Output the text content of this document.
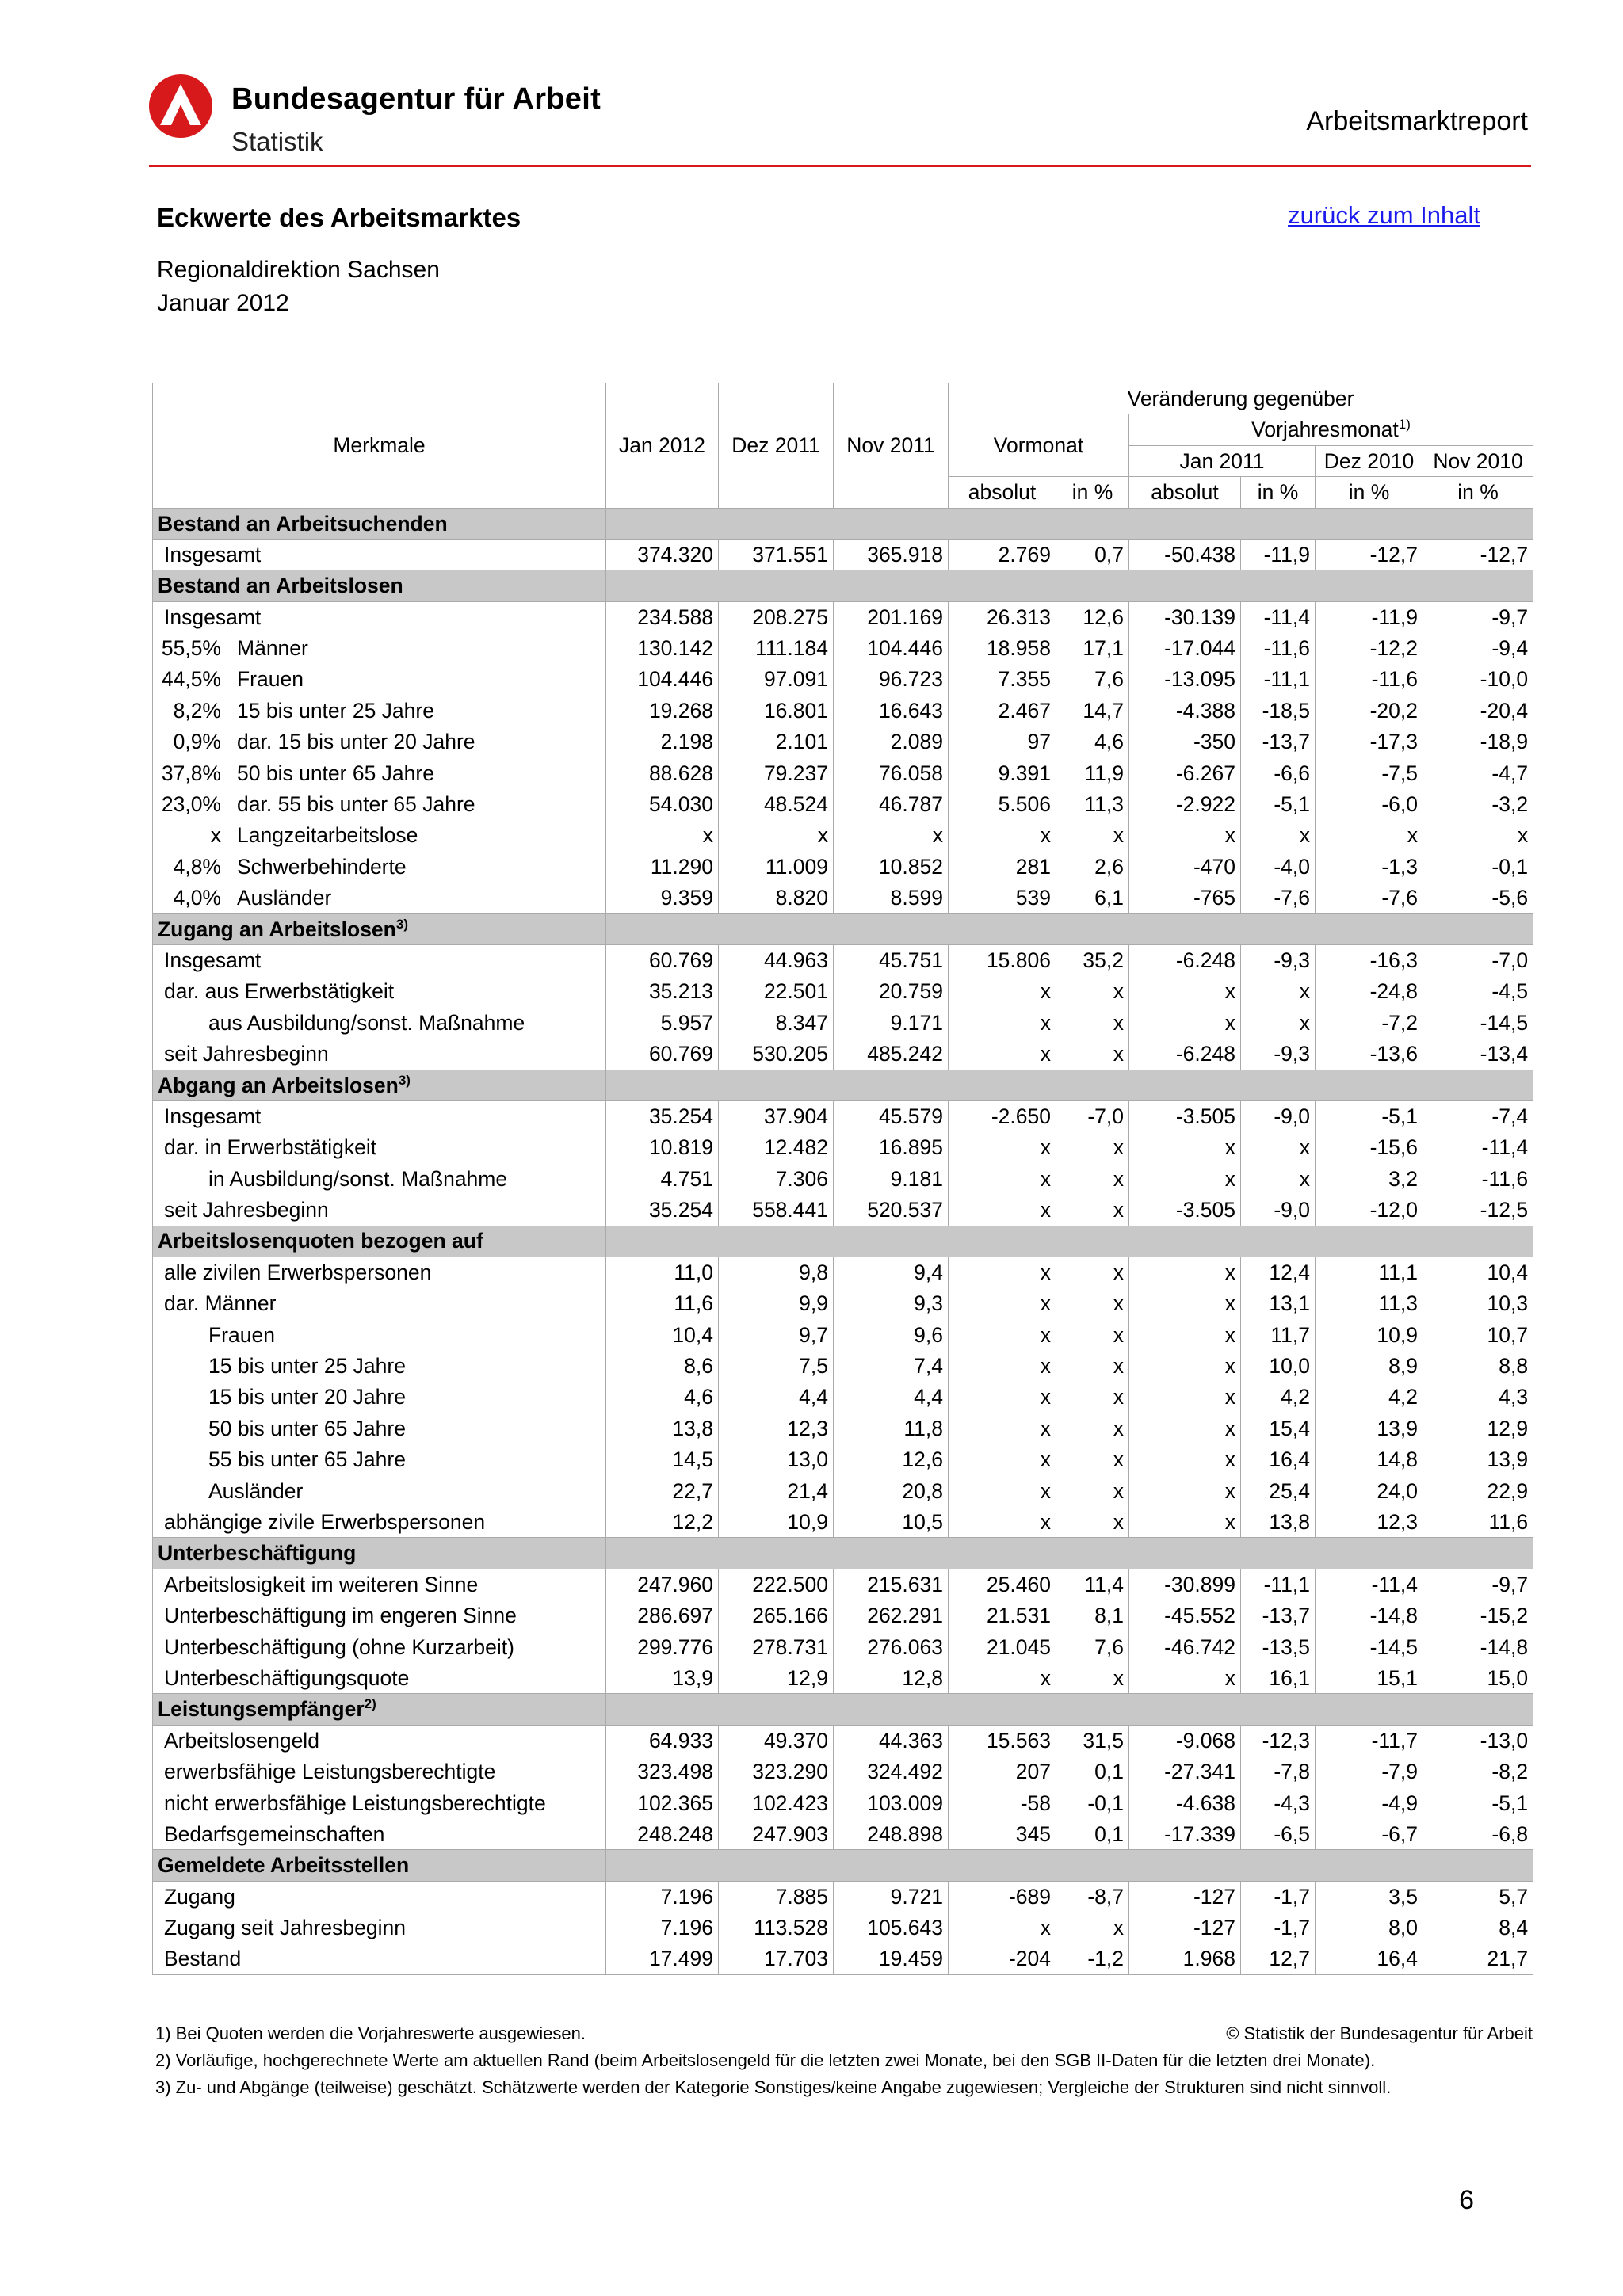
Bundesagentur für Arbeit
Statistik
Arbeitsmarktreport
Eckwerte des Arbeitsmarktes	zurück zum Inhalt
Regionaldirektion Sachsen
Januar 2012
Merkmale	Jan 2012	Dez 2011	Nov 2011	Veränderung gegenüber					
				Vormonat		Vorjahresmonat$^{1)}$
						Jan 2011		Dez 2010	Nov 2010
				absolut	in %	absolut	in %	in %	in %
Bestand an Arbeitsuchenden									
Insgesamt	374.320	371.551	365.918	2.769	0,7	-50.438	-11,9	-12,7	-12,7
Bestand an Arbeitslosen									
Insgesamt	234.588	208.275	201.169	26.313	12,6	-30.139	-11,4	-11,9	-9,7
55,5% Männer	130.142	111.184	104.446	18.958	17,1	-17.044	-11,6	-12,2	-9,4
44,5% Frauen	104.446	97.091	96.723	7.355	7,6	-13.095	-11,1	-11,6	-10,0
8,2% 15 bis unter 25 Jahre	19.268	16.801	16.643	2.467	14,7	-4.388	-18,5	-20,2	-20,4
0,9% dar. 15 bis unter 20 Jahre	2.198	2.101	2.089	97	4,6	-350	-13,7	-17,3	-18,9
37,8% 50 bis unter 65 Jahre	88.628	79.237	76.058	9.391	11,9	-6.267	-6,6	-7,5	-4,7
23,0% dar. 55 bis unter 65 Jahre	54.030	48.524	46.787	5.506	11,3	-2.922	-5,1	-6,0	-3,2
x Langzeitarbeitslose	x	x	x	x	x	x	x	x	x
4,8% Schwerbehinderte	11.290	11.009	10.852	281	2,6	-470	-4,0	-1,3	-0,1
4,0% Ausländer	9.359	8.820	8.599	539	6,1	-765	-7,6	-7,6	-5,6
Zugang an Arbeitslosen$^{3)}$	
Insgesamt	60.769	44.963	45.751	15.806	35,2	-6.248	-9,3	-16,3	-7,0
dar. aus Erwerbstätigkeit	35.213	22.501	20.759	x	x	x	x	-24,8	-4,5
aus Ausbildung/sonst. Maßnahme	5.957	8.347	9.171	x	x	x	x	-7,2	-14,5
seit Jahresbeginn	60.769	530.205	485.242	x	x	-6.248	-9,3	-13,6	-13,4
Abgang an Arbeitslosen$^{3)}$	
Insgesamt	35.254	37.904	45.579	-2.650	-7,0	-3.505	-9,0	-5,1	-7,4
dar. in Erwerbstätigkeit	10.819	12.482	16.895	x	x	x	x	-15,6	-11,4
in Ausbildung/sonst. Maßnahme	4.751	7.306	9.181	x	x	x	x	3,2	-11,6
seit Jahresbeginn	35.254	558.441	520.537	x	x	-3.505	-9,0	-12,0	-12,5
Arbeitslosenquoten bezogen auf									
alle zivilen Erwerbspersonen	11,0	9,8	9,4	x	x	x	12,4	11,1	10,4
dar. Männer	11,6	9,9	9,3	x	x	x	13,1	11,3	10,3
Frauen	10,4	9,7	9,6	x	x	x	11,7	10,9	10,7
15 bis unter 25 Jahre	8,6	7,5	7,4	x	x	x	10,0	8,9	8,8
15 bis unter 20 Jahre	4,6	4,4	4,4	x	x	x	4,2	4,2	4,3
50 bis unter 65 Jahre	13,8	12,3	11,8	x	x	x	15,4	13,9	12,9
55 bis unter 65 Jahre	14,5	13,0	12,6	x	x	x	16,4	14,8	13,9
Ausländer	22,7	21,4	20,8	x	x	x	25,4	24,0	22,9
abhängige zivile Erwerbspersonen	12,2	10,9	10,5	x	x	x	13,8	12,3	11,6
Unterbeschäftigung									
Arbeitslosigkeit im weiteren Sinne	247.960	222.500	215.631	25.460	11,4	-30.899	-11,1	-11,4	-9,7
Unterbeschäftigung im engeren Sinne	286.697	265.166	262.291	21.531	8,1	-45.552	-13,7	-14,8	-15,2
Unterbeschäftigung (ohne Kurzarbeit)	299.776	278.731	276.063	21.045	7,6	-46.742	-13,5	-14,5	-14,8
Unterbeschäftigungsquote	13,9	12,9	12,8	x	x	x	16,1	15,1	15,0
Leistungsempfänger$^{2)}$	
Arbeitslosengeld	64.933	49.370	44.363	15.563	31,5	-9.068	-12,3	-11,7	-13,0
erwerbsfähige Leistungsberechtigte	323.498	323.290	324.492	207	0,1	-27.341	-7,8	-7,9	-8,2
nicht erwerbsfähige Leistungsberechtigte	102.365	102.423	103.009	-58	-0,1	-4.638	-4,3	-4,9	-5,1
Bedarfsgemeinschaften	248.248	247.903	248.898	345	0,1	-17.339	-6,5	-6,7	-6,8
Gemeldete Arbeitsstellen									
Zugang	7.196	7.885	9.721	-689	-8,7	-127	-1,7	3,5	5,7
Zugang seit Jahresbeginn	7.196	113.528	105.643	x	x	-127	-1,7	8,0	8,4
Bestand	17.499	17.703	19.459	-204	-1,2	1.968	12,7	16,4	21,7
1) Bei Quoten werden die Vorjahreswerte ausgewiesen.	© Statistik der Bundesagentur für Arbeit
2) Vorläufige, hochgerechnete Werte am aktuellen Rand (beim Arbeitslosengeld für die letzten zwei Monate, bei den SGB II-Daten für die letzten drei Monate).
3) Zu- und Abgänge (teilweise) geschätzt. Schätzwerte werden der Kategorie Sonstiges/keine Angabe zugewiesen; Vergleiche der Strukturen sind nicht sinnvoll.
6
